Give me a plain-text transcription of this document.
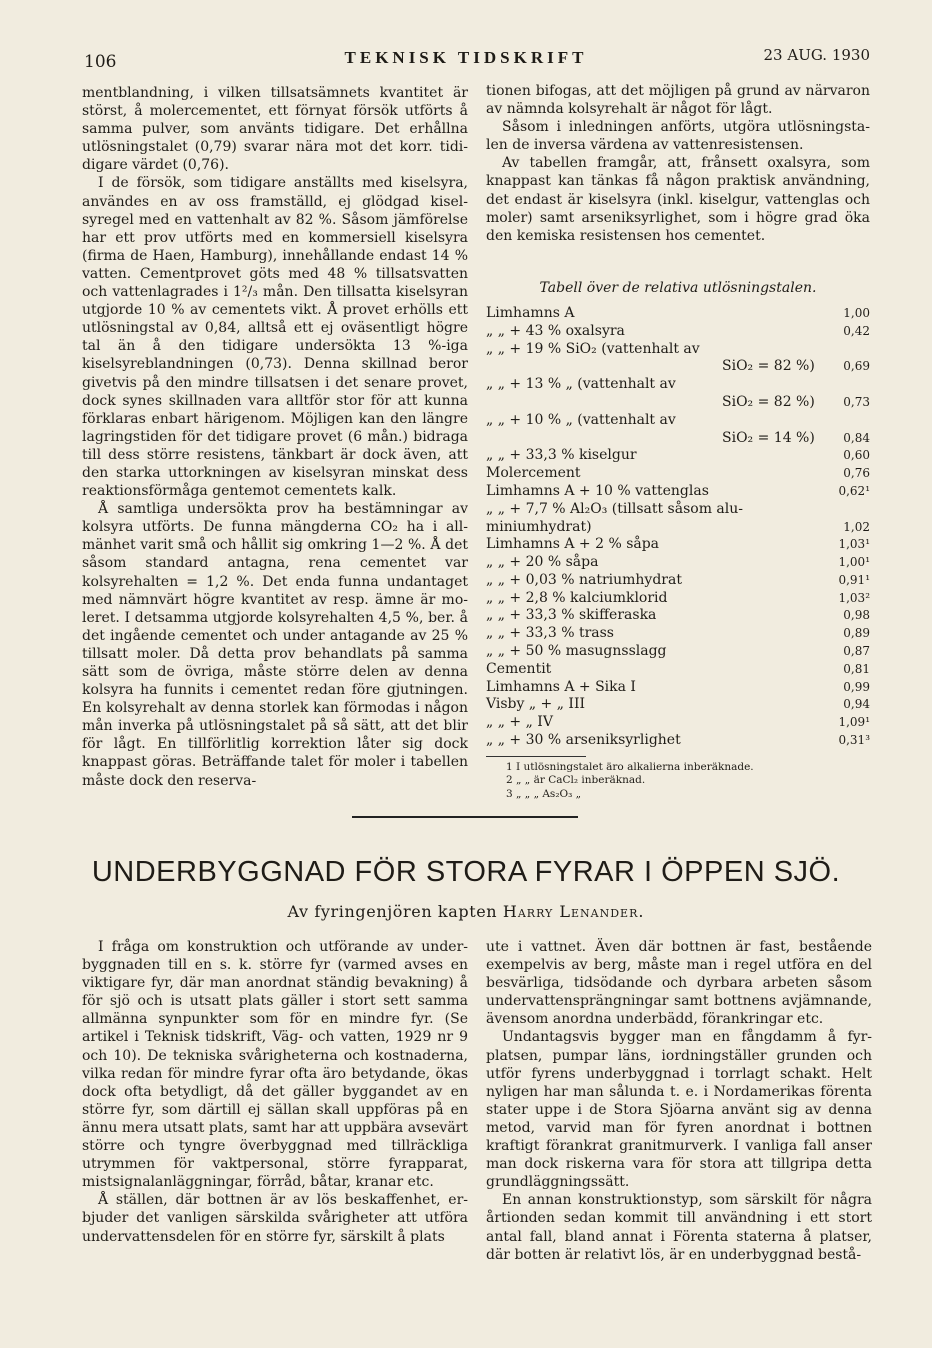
106	TEKNISK TIDSKRIFT	23 AUG. 1930

mentblandning, i vilken tillsatsämnets kvantitet är störst, å molercementet, ett förnyat försök utförts å samma pulver, som använts tidigare. Det erhållna utlösningstalet (0,79) svarar nära mot det korr. tididigare värdet (0,76).

I de försök, som tidigare anställts med kiselsyra, användes en av oss framställd, ej glödgad kiselsyregel med en vattenhalt av 82 %. Såsom jämförelse har ett prov utförts med en kommersiell kiselsyra (firma de Haen, Hamburg), innehållande endast 14 % vatten. Cementprovet göts med 48 % tillsatsvatten och vattenlagrades i 1²/₃ mån. Den tillsatta kiselsyran utgjorde 10 % av cementets vikt. Å provet erhölls ett utlösningstal av 0,84, alltså ett ej oväsentligt högre tal än å den tidigare undersökta 13 %-iga kiselsyreblandningen (0,73). Denna skillnad beror givetvis på den mindre tillsatsen i det senare provet, dock synes skillnaden vara alltför stor för att kunna förklaras enbart härigenom. Möjligen kan den längre lagringstiden för det tidigare provet (6 mån.) bidraga till dess större resistens, tänkbart är dock även, att den starka uttorkningen av kiselsyran minskat dess reaktionsförmåga gentemot cementets kalk.

Å samtliga undersökta prov ha bestämningar av kolsyra utförts. De funna mängderna CO₂ ha i allmänhet varit små och hållit sig omkring 1—2 %. Å det såsom standard antagna, rena cementet var kolsyrehalten = 1,2 %. Det enda funna undantaget med nämnvärt högre kvantitet av resp. ämne är moleret. I detsamma utgjorde kolsyrehalten 4,5 %, ber. å det ingående cementet och under antagande av 25 % tillsatt moler. Då detta prov behandlats på samma sätt som de övriga, måste större delen av denna kolsyra ha funnits i cementet redan före gjutningen. En kolsyrehalt av denna storlek kan förmodas i någon mån inverka på utlösningstalet på så sätt, att det blir för lågt. En tillförlitlig korrektion låter sig dock knappast göras. Beträffande talet för moler i tabellen måste dock den reserva-

tionen bifogas, att det möjligen på grund av närvaron av nämnda kolsyrehalt är något för lågt.

Såsom i inledningen anförts, utgöra utlösningstalen de inversa värdena av vattenresistensen.

Av tabellen framgår, att, frånsett oxalsyra, som knappast kan tänkas få någon praktisk användning, det endast är kiselsyra (inkl. kiselgur, vattenglas och moler) samt arseniksyrlighet, som i högre grad öka den kemiska resistensen hos cementet.

Tabell över de relativa utlösningstalen.
Limhamns A	1,00
„ „ + 43 % oxalsyra	0,42
„ „ + 19 % SiO₂ (vattenhalt av	
SiO₂ = 82 %)	0,69
„ „ + 13 % „ (vattenhalt av	
SiO₂ = 82 %)	0,73
„ „ + 10 % „ (vattenhalt av	
SiO₂ = 14 %)	0,84
„ „ + 33,3 % kiselgur	0,60
Molercement	0,76
Limhamns A + 10 % vattenglas	0,62¹
„ „ + 7,7 % Al₂O₃ (tillsatt såsom alu-	
miniumhydrat)	1,02
Limhamns A + 2 % såpa	1,03¹
„ „ + 20 % såpa	1,00¹
„ „ + 0,03 % natriumhydrat	0,91¹
„ „ + 2,8 % kalciumklorid	1,03²
„ „ + 33,3 % skifferaska	0,98
„ „ + 33,3 % trass	0,89
„ „ + 50 % masugnsslagg	0,87
Cementit	0,81
Limhamns A + Sika I	0,99
Visby „ + „ III	0,94
„ „ + „ IV	1,09¹
„ „ + 30 % arseniksyrlighet	0,31³
1 I utlösningstalet äro alkalierna inberäknade.
2 „ „ är CaCl₂ inberäknad.
3 „ „ „ As₂O₃ „
UNDERBYGGNAD FÖR STORA FYRAR I ÖPPEN SJÖ.
Av fyringenjören kapten Harry Lenander.

I fråga om konstruktion och utförande av underbyggnaden till en s. k. större fyr (varmed avses en viktigare fyr, där man anordnat ständig bevakning) å för sjö och is utsatt plats gäller i stort sett samma allmänna synpunkter som för en mindre fyr. (Se artikel i Teknisk tidskrift, Väg- och vatten, 1929 nr 9 och 10). De tekniska svårigheterna och kostnaderna, vilka redan för mindre fyrar ofta äro betydande, ökas dock ofta betydligt, då det gäller byggandet av en större fyr, som därtill ej sällan skall uppföras på en ännu mera utsatt plats, samt har att uppbära avsevärt större och tyngre överbyggnad med tillräckliga utrymmen för vaktpersonal, större fyrapparat, mistsignalanläggningar, förråd, båtar, kranar etc.

Å ställen, där bottnen är av lös beskaffenhet, erbjuder det vanligen särskilda svårigheter att utföra undervattensdelen för en större fyr, särskilt å plats

ute i vattnet. Även där bottnen är fast, bestående exempelvis av berg, måste man i regel utföra en del besvärliga, tidsödande och dyrbara arbeten såsom undervattensprängningar samt bottnens avjämnande, ävensom anordna underbädd, förankringar etc.

Undantagsvis bygger man en fångdamm å fyrplatsen, pumpar läns, iordningställer grunden och utför fyrens underbyggnad i torrlagt schakt. Helt nyligen har man sålunda t. e. i Nordamerikas förenta stater uppe i de Stora Sjöarna använt sig av denna metod, varvid man för fyren anordnat i bottnen kraftigt förankrat granitmurverk. I vanliga fall anser man dock riskerna vara för stora att tillgripa detta grundläggningssätt.

En annan konstruktionstyp, som särskilt för några årtionden sedan kommit till användning i ett stort antal fall, bland annat i Förenta staterna å platser, där botten är relativt lös, är en underbyggnad bestå-
